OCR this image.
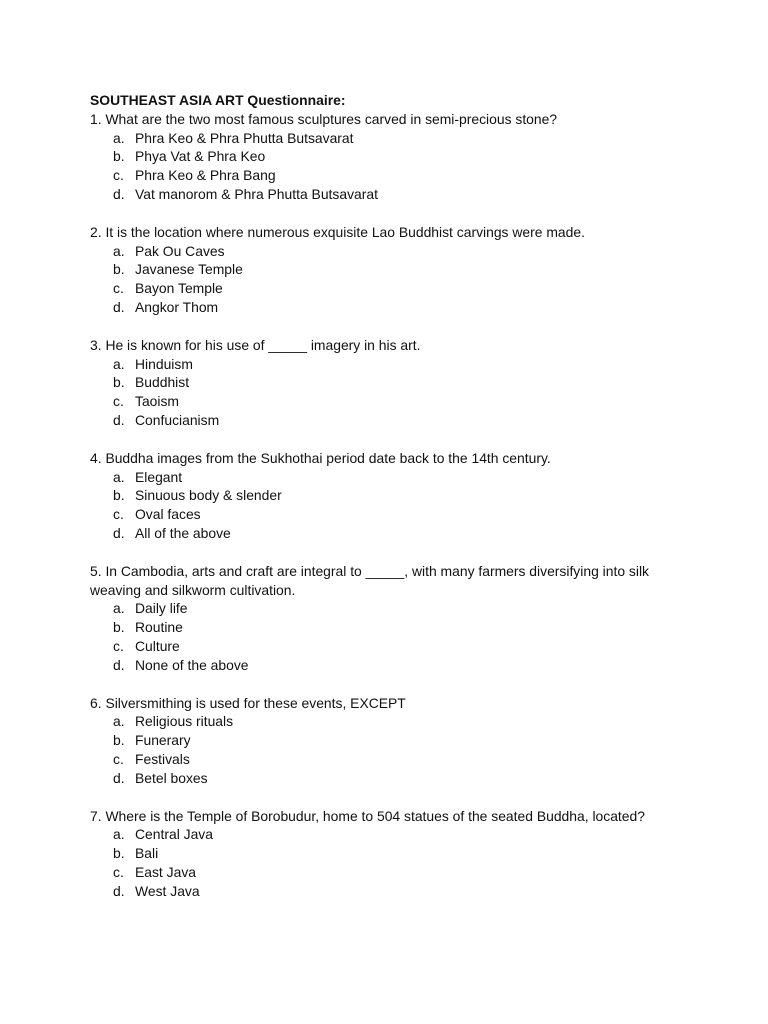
SOUTHEAST ASIA ART Questionnaire:

1. What are the two most famous sculptures carved in semi-precious stone?

a. Phra Keo & Phra Phutta Butsavarat
b. Phya Vat & Phra Keo
c. Phra Keo & Phra Bang
d. Vat manorom & Phra Phutta Butsavarat

2. It is the location where numerous exquisite Lao Buddhist carvings were made.

a. Pak Ou Caves
b. Javanese Temple
c. Bayon Temple
d. Angkor Thom

3. He is known for his use of _____ imagery in his art.

a. Hinduism
b. Buddhist
c. Taoism
d. Confucianism

4. Buddha images from the Sukhothai period date back to the 14th century.

a. Elegant
b. Sinuous body & slender
c. Oval faces
d. All of the above

5. In Cambodia, arts and craft are integral to _____, with many farmers diversifying into silk weaving and silkworm cultivation.

a. Daily life
b. Routine
c. Culture
d. None of the above

6. Silversmithing is used for these events, EXCEPT

a. Religious rituals
b. Funerary
c. Festivals
d. Betel boxes

7. Where is the Temple of Borobudur, home to 504 statues of the seated Buddha, located?

a. Central Java
b. Bali
c. East Java
d. West Java
